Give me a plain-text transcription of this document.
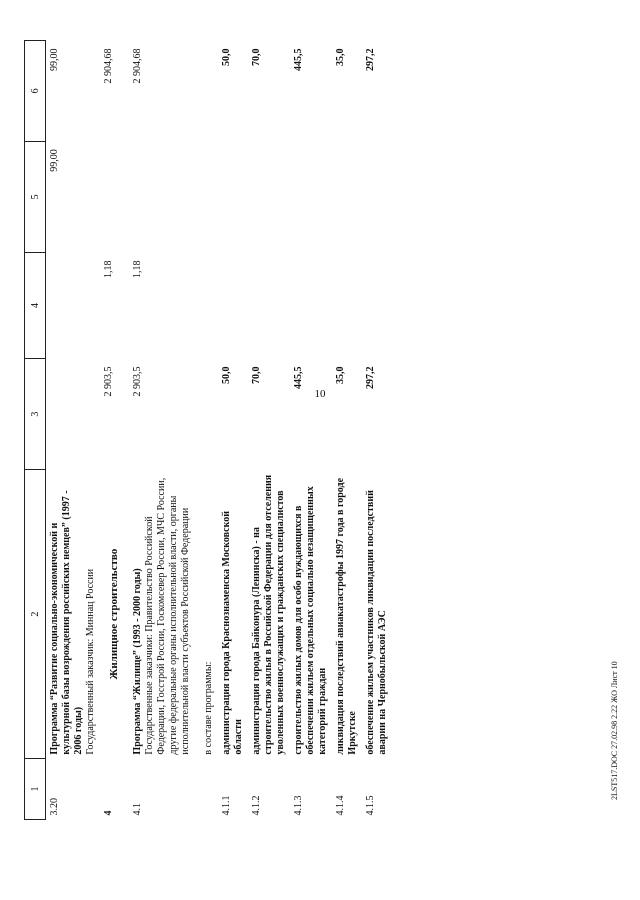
10
1	2	3	4	5	6
3.20	Программа “Развитие социально-экономической и культурной базы возрождения российских немцев” (1997 - 2006 годы)
Государственный заказчик: Миннац России			99,00	99,00
4	Жилищное строительство	2 903,5	1,18		2 904,68
4.1	Программа “Жилище” (1993 - 2000 годы)
Государственные заказчики: Правительство Российской Федерации, Госстрой России, Госкомсевер России, МЧС России, другие федеральные органы исполнительной власти, органы исполнительной власти субъектов Российской Федерации	2 903,5	1,18		2 904,68
	в составе программы:				
4.1.1	администрация города Краснознаменска Московской области	50,0			50,0
4.1.2	администрация города Байконура (Ленинска) - на строительство жилья в Российской Федерации для отселения уволенных военнослужащих и гражданских специалистов	70,0			70,0
4.1.3	строительство жилых домов для особо нуждающихся в обеспечении жильем отдельных социально незащищенных категорий граждан	445,5			445,5
4.1.4	ликвидация последствий авиакатастрофы 1997 года в городе Иркутске	35,0			35,0
4.1.5	обеспечение жильем участников ликвидации последствий аварии на Чернобыльской АЭС	297,2			297,2
2LST517.DOC 27.02.98 2.22 ЖО Лист 10
